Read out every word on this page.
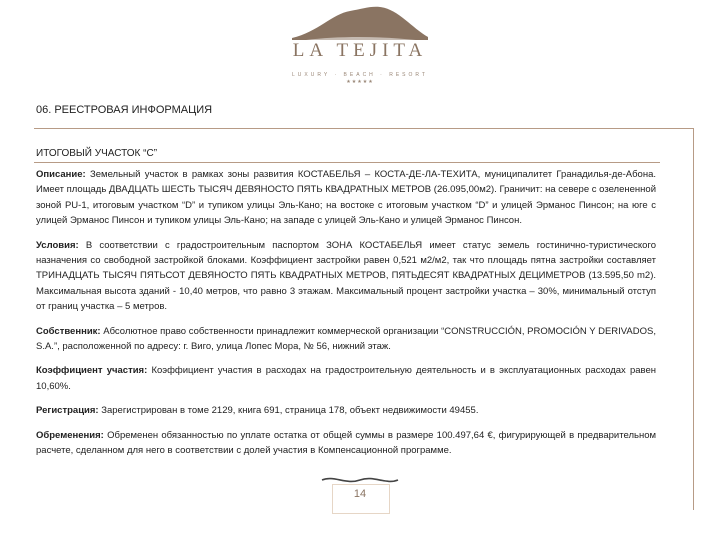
LA TEJITA
LUXURY · BEACH · RESORT
★★★★★
06. РЕЕСТРОВАЯ ИНФОРМАЦИЯ
ИТОГОВЫЙ УЧАСТОК “C”

Описание: Земельный участок в рамках зоны развития КОСТАБЕЛЬЯ – КОСТА-ДЕ-ЛА-ТЕХИТА, муниципалитет Гранадилья-де-Абона. Имеет площадь ДВАДЦАТЬ ШЕСТЬ ТЫСЯЧ ДЕВЯНОСТО ПЯТЬ КВАДРАТНЫХ МЕТРОВ (26.095,00м2). Граничит: на севере с озелененной зоной PU-1, итоговым участком “D” и тупиком улицы Эль-Кано; на востоке с итоговым участком “D” и улицей Эрманос Пинсон; на юге с улицей Эрманос Пинсон и тупиком улицы Эль-Кано; на западе с улицей Эль-Кано и улицей Эрманос Пинсон.

Условия: В соответствии с градостроительным паспортом ЗОНА КОСТАБЕЛЬЯ имеет статус земель гостинично-туристического назначения со свободной застройкой блоками. Коэффициент застройки равен 0,521 м2/м2, так что площадь пятна застройки составляет ТРИНАДЦАТЬ ТЫСЯЧ ПЯТЬСОТ ДЕВЯНОСТО ПЯТЬ КВАДРАТНЫХ МЕТРОВ, ПЯТЬДЕСЯТ КВАДРАТНЫХ ДЕЦИМЕТРОВ (13.595,50 m2). Максимальная высота зданий - 10,40 метров, что равно 3 этажам. Максимальный процент застройки участка – 30%, минимальный отступ от границ участка – 5 метров.

Собственник: Абсолютное право собственности принадлежит коммерческой организации “CONSTRUCCIÓN, PROMOCIÓN Y DERIVADOS, S.A.”, расположенной по адресу: г. Виго, улица Лопес Мора, № 56, нижний этаж.

Коэффициент участия: Коэффициент участия в расходах на градостроительную деятельность и в эксплуатационных расходах равен 10,60%.

Регистрация: Зарегистрирован в томе 2129, книга 691, страница 178, объект недвижимости 49455.

Обременения: Обременен обязанностью по уплате остатка от общей суммы в размере 100.497,64 €, фигурирующей в предварительном расчете, сделанном для него в соответствии с долей участия в Компенсационной программе.

14
